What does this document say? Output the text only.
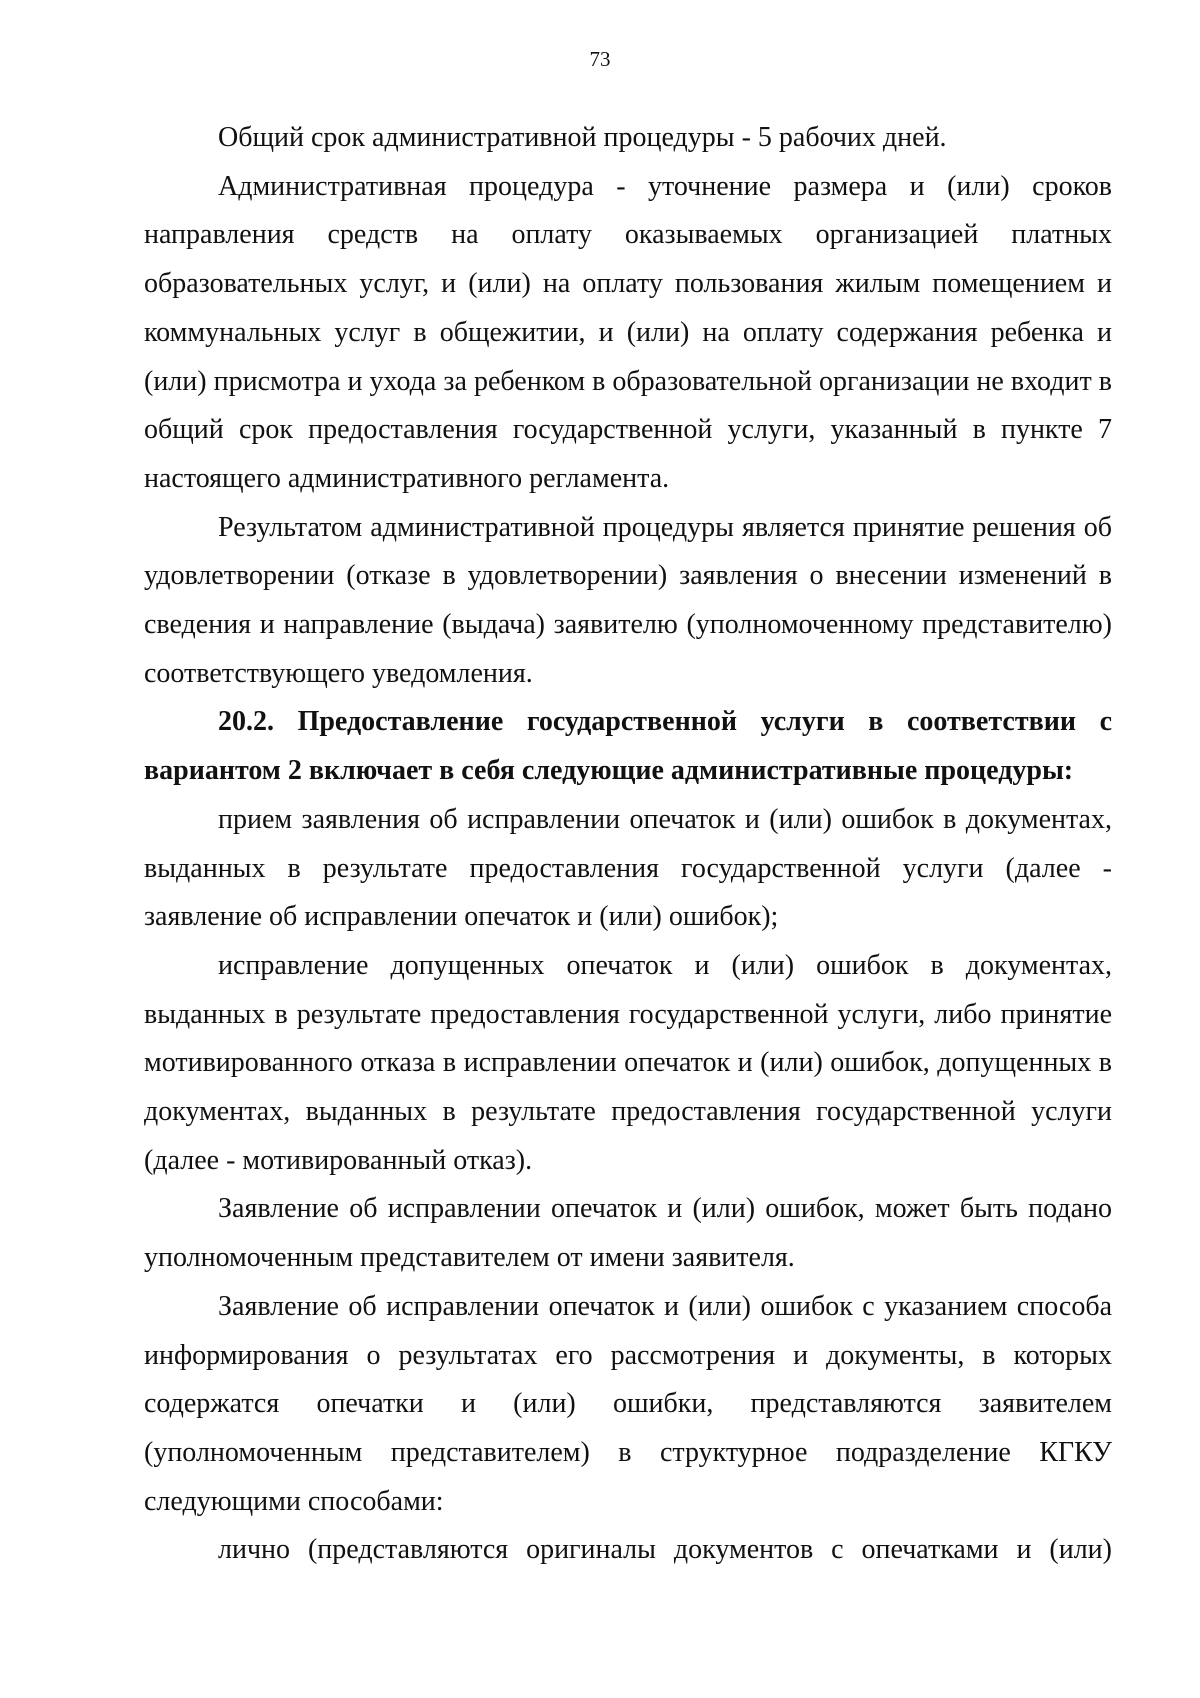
73

Общий срок административной процедуры - 5 рабочих дней.

Административная процедура - уточнение размера и (или) сроков направления средств на оплату оказываемых организацией платных образовательных услуг, и (или) на оплату пользования жилым помещением и коммунальных услуг в общежитии, и (или) на оплату содержания ребенка и (или) присмотра и ухода за ребенком в образовательной организации не входит в общий срок предоставления государственной услуги, указанный в пункте 7 настоящего административного регламента.

Результатом административной процедуры является принятие решения об удовлетворении (отказе в удовлетворении) заявления о внесении изменений в сведения и направление (выдача) заявителю (уполномоченному представителю) соответствующего уведомления.

20.2. Предоставление государственной услуги в соответствии с вариантом 2 включает в себя следующие административные процедуры:

прием заявления об исправлении опечаток и (или) ошибок в документах, выданных в результате предоставления государственной услуги (далее - заявление об исправлении опечаток и (или) ошибок);

исправление допущенных опечаток и (или) ошибок в документах, выданных в результате предоставления государственной услуги, либо принятие мотивированного отказа в исправлении опечаток и (или) ошибок, допущенных в документах, выданных в результате предоставления государственной услуги (далее - мотивированный отказ).

Заявление об исправлении опечаток и (или) ошибок, может быть подано уполномоченным представителем от имени заявителя.

Заявление об исправлении опечаток и (или) ошибок с указанием способа информирования о результатах его рассмотрения и документы, в которых содержатся опечатки и (или) ошибки, представляются заявителем (уполномоченным представителем) в структурное подразделение КГКУ следующими способами:

лично (представляются оригиналы документов с опечатками и (или)
